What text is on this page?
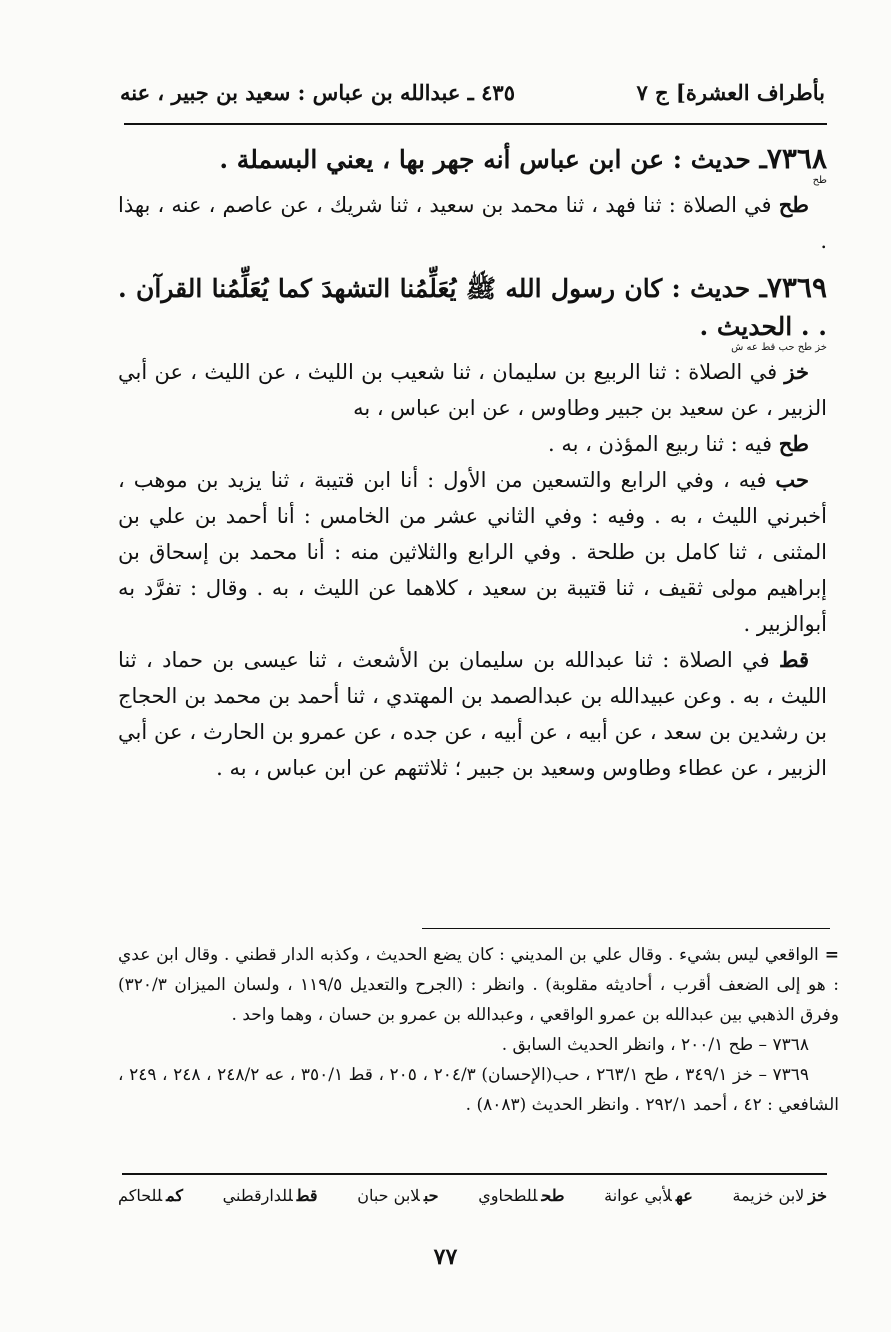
بأطراف العشرة] ج ٧
٤٣٥ ـ عبدالله بن عباس : سعيد بن جبير ، عنه
٧٣٦٨ـ حديث : عن ابن عباس أنه جهر بها ، يعني البسملة .
طح

طح في الصلاة : ثنا فهد ، ثنا محمد بن سعيد ، ثنا شريك ، عن عاصم ، عنه ، بهذا .

٧٣٦٩ـ حديث : كان رسول الله ﷺ يُعَلِّمُنا التشهدَ كما يُعَلِّمُنا القرآن . . . الحديث .
خز طح حب قط عه ش

خز في الصلاة : ثنا الربيع بن سليمان ، ثنا شعيب بن الليث ، عن الليث ، عن أبي الزبير ، عن سعيد بن جبير وطاوس ، عن ابن عباس ، به

طح فيه : ثنا ربيع المؤذن ، به .

حب فيه ، وفي الرابع والتسعين من الأول : أنا ابن قتيبة ، ثنا يزيد بن موهب ، أخبرني الليث ، به . وفيه : وفي الثاني عشر من الخامس : أنا أحمد بن علي بن المثنى ، ثنا كامل بن طلحة . وفي الرابع والثلاثين منه : أنا محمد بن إسحاق بن إبراهيم مولى ثقيف ، ثنا قتيبة بن سعيد ، كلاهما عن الليث ، به . وقال : تفرَّد به أبوالزبير .

قط في الصلاة : ثنا عبدالله بن سليمان بن الأشعث ، ثنا عيسى بن حماد ، ثنا الليث ، به . وعن عبيدالله بن عبدالصمد بن المهتدي ، ثنا أحمد بن محمد بن الحجاج بن رشدين بن سعد ، عن أبيه ، عن أبيه ، عن جده ، عن عمرو بن الحارث ، عن أبي الزبير ، عن عطاء وطاوس وسعيد بن جبير ؛ ثلاثتهم عن ابن عباس ، به .

=الواقعي ليس بشيء . وقال علي بن المديني : كان يضع الحديث ، وكذبه الدار قطني . وقال ابن عدي : هو إلى الضعف أقرب ، أحاديثه مقلوبة) . وانظر : (الجرح والتعديل ١١٩/٥ ، ولسان الميزان ٣٢٠/٣) وفرق الذهبي بين عبدالله بن عمرو الواقعي ، وعبدالله بن عمرو بن حسان ، وهما واحد .

٧٣٦٨ – طح ٢٠٠/١ ، وانظر الحديث السابق .

٧٣٦٩ – خز ٣٤٩/١ ، طح ٢٦٣/١ ، حب(الإحسان) ٢٠٤/٣ ، ٢٠٥ ، قط ٣٥٠/١ ، عه ٢٤٨/٢ ، ٢٤٨ ، ٢٤٩ ، الشافعي : ٤٢ ، أحمد ٢٩٢/١ . وانظر الحديث (٨٠٨٣) .

خزلابن خزيمة
عهلأبي عوانة
طحللطحاوي
حبلابن حبان
قطللدارقطني
كمللحاكم
٧٧
